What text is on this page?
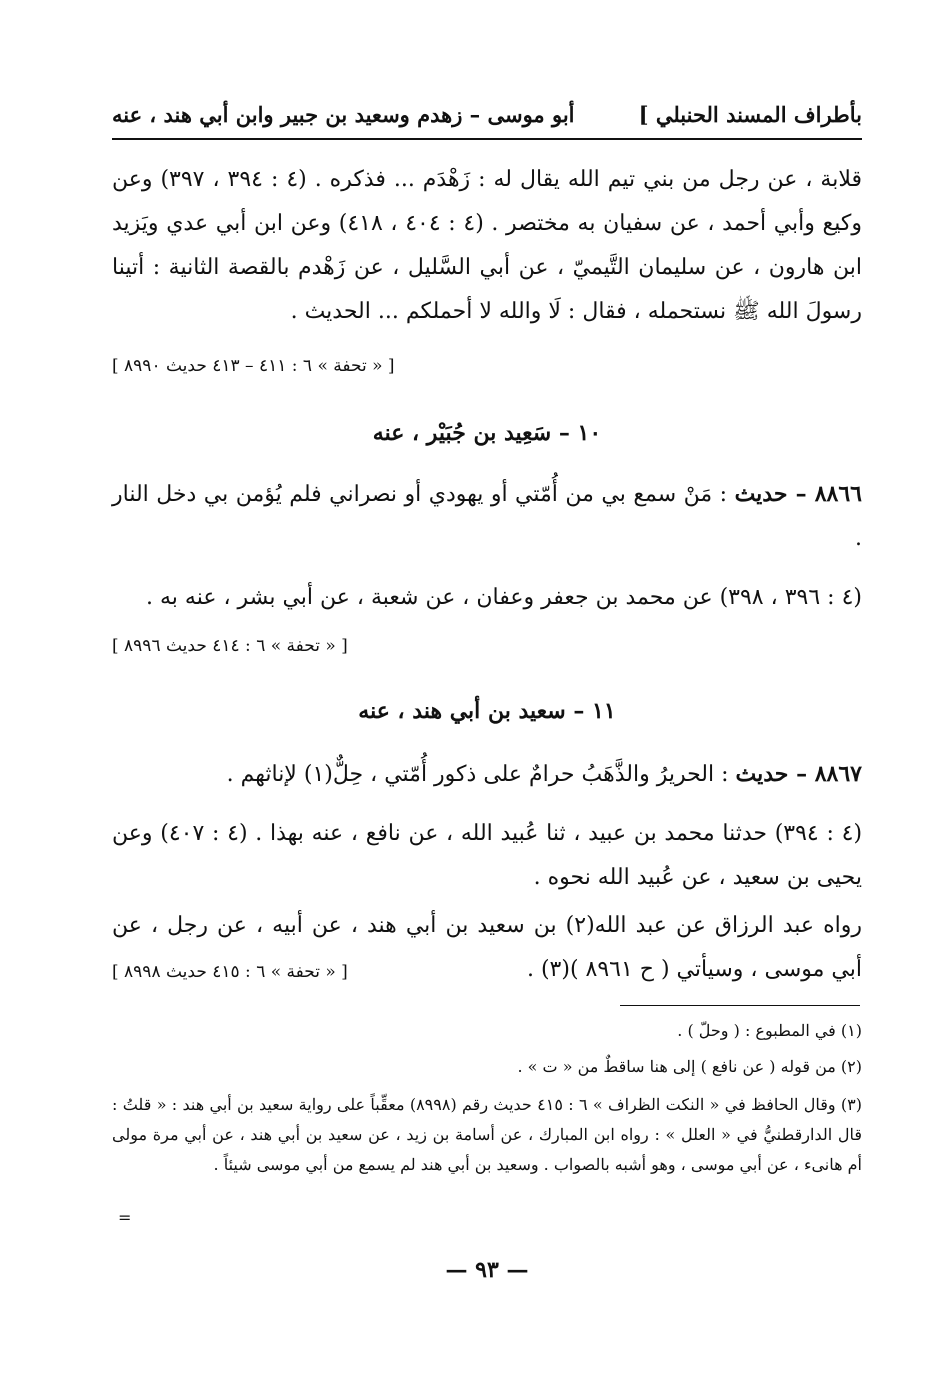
بأطراف المسند الحنبلي ]
أبو موسى – زهدم وسعيد بن جبير وابن أبي هند ، عنه

قلابة ، عن رجل من بني تيم الله يقال له : زَهْدَم ... فذكره . (٤ : ٣٩٤ ، ٣٩٧) وعن وكيع وأبي أحمد ، عن سفيان به مختصر . (٤ : ٤٠٤ ، ٤١٨) وعن ابن أبي عدي ويَزيد ابن هارون ، عن سليمان التَّيميّ ، عن أبي السَّليل ، عن زَهْدم بالقصة الثانية : أتينا رسولَ الله ﷺ نستحمله ، فقال : لَا والله لا أحملكم ... الحديث .

[ « تحفة » ٦ : ٤١١ – ٤١٣ حديث ٨٩٩٠ ]
١٠ – سَعِيد بن جُبَيْر ، عنه

٨٨٦٦ – حديث : مَنْ سمع بي من أُمّتي أو يهودي أو نصراني فلم يُؤمن بي دخل النار .

(٤ : ٣٩٦ ، ٣٩٨) عن محمد بن جعفر وعفان ، عن شعبة ، عن أبي بشر ، عنه به .

[ « تحفة » ٦ : ٤١٤ حديث ٨٩٩٦ ]
١١ – سعيد بن أبي هند ، عنه

٨٨٦٧ – حديث : الحريرُ والذَّهَبُ حرامٌ على ذكور أُمّتي ، حِلٌّ(١) لإناثهم .

(٤ : ٣٩٤) حدثنا محمد بن عبيد ، ثنا عُبيد الله ، عن نافع ، عنه بهذا . (٤ : ٤٠٧) وعن يحيى بن سعيد ، عن عُبيد الله نحوه .

رواه عبد الرزاق عن عبد الله(٢) بن سعيد بن أبي هند ، عن أبيه ، عن رجل ، عن أبي موسى ، وسيأتي ( ح ٨٩٦١ )(٣) .

[ « تحفة » ٦ : ٤١٥ حديث ٨٩٩٨ ]

(١) في المطبوع : ( وحلّ ) .

(٢) من قوله ( عن نافع ) إلى هنا ساقطٌ من « ت » .

(٣) وقال الحافظ في « النكت الظراف » ٦ : ٤١٥ حديث رقم (٨٩٩٨) معقِّباً على رواية سعيد بن أبي هند : « قلتُ : قال الدارقطنيُّ في « العلل » : رواه ابن المبارك ، عن أسامة بن زيد ، عن سعيد بن أبي هند ، عن أبي مرة مولى أم هانىء ، عن أبي موسى ، وهو أشبه بالصواب . وسعيد بن أبي هند لم يسمع من أبي موسى شيئاً .

=
— ٩٣ —
